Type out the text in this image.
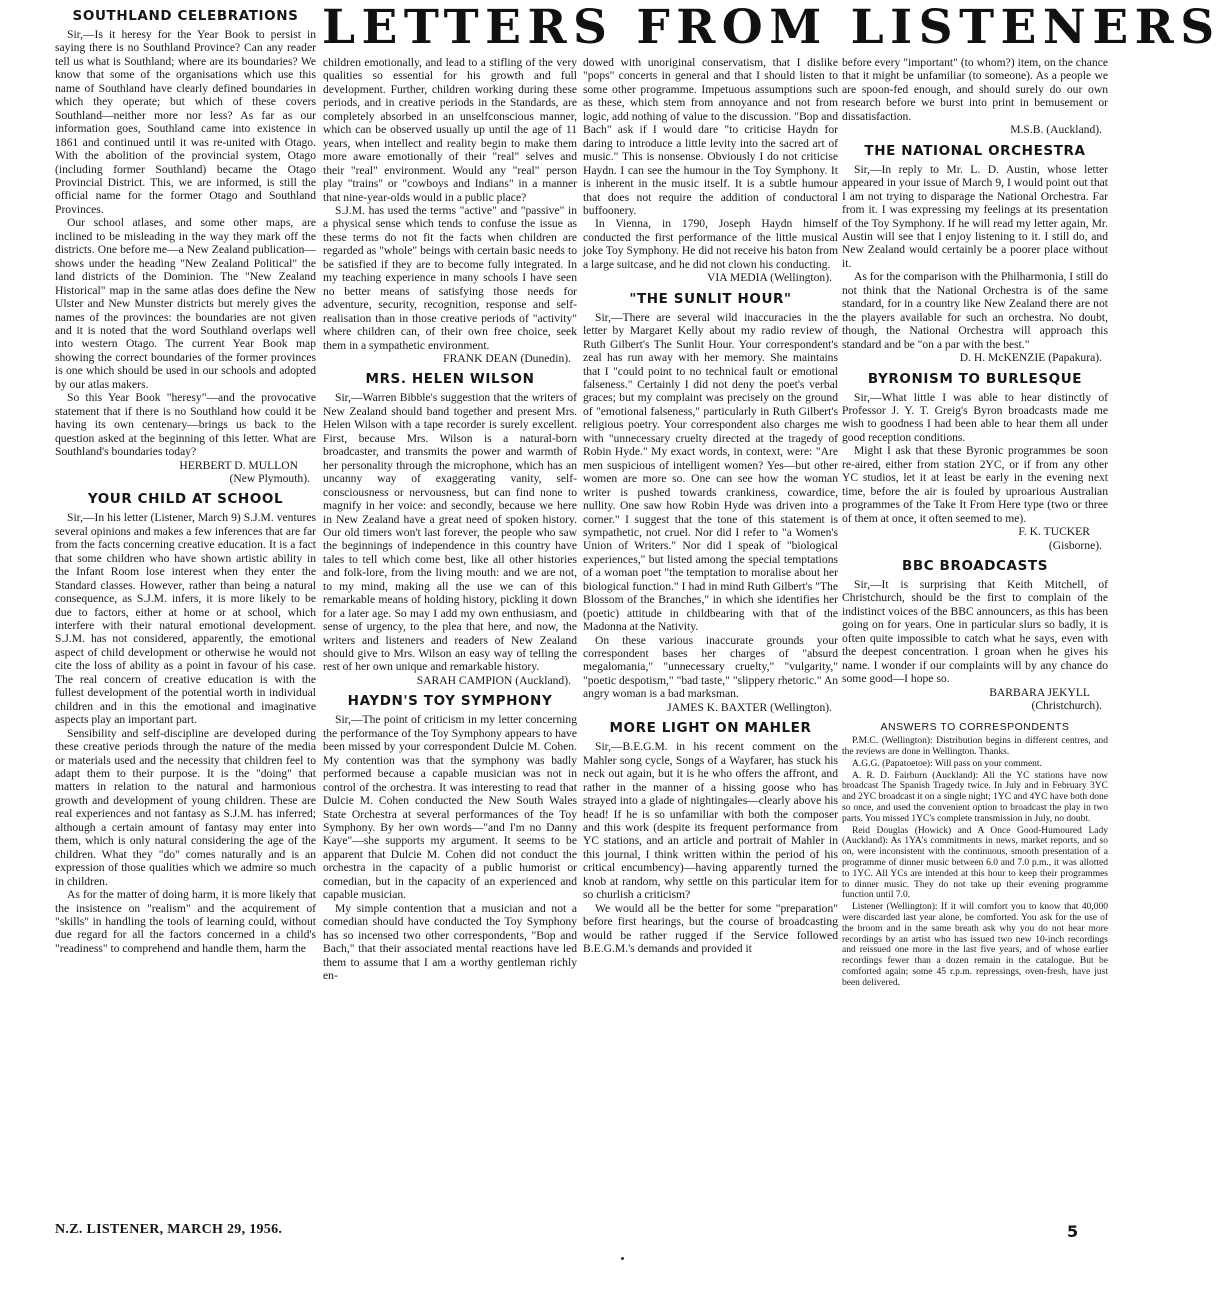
LETTERS FROM LISTENERS
SOUTHLAND CELEBRATIONS

Sir,—Is it heresy for the Year Book to persist in saying there is no Southland Province? Can any reader tell us what is Southland; where are its boundaries? We know that some of the organisations which use this name of Southland have clearly defined boundaries in which they operate; but which of these covers Southland—neither more nor less? As far as our information goes, Southland came into existence in 1861 and continued until it was re-united with Otago. With the abolition of the provincial system, Otago (including former Southland) became the Otago Provincial District. This, we are informed, is still the official name for the former Otago and Southland Provinces.

Our school atlases, and some other maps, are inclined to be misleading in the way they mark off the districts. One before me—a New Zealand publication—shows under the heading "New Zealand Political" the land districts of the Dominion. The "New Zealand Historical" map in the same atlas does define the New Ulster and New Munster districts but merely gives the names of the provinces: the boundaries are not given and it is noted that the word Southland overlaps well into western Otago. The current Year Book map showing the correct boundaries of the former provinces is one which should be used in our schools and adopted by our atlas makers.

So this Year Book "heresy"—and the provocative statement that if there is no Southland how could it be having its own centenary—brings us back to the question asked at the beginning of this letter. What are Southland's boundaries today?

HERBERT D. MULLON

(New Plymouth).

YOUR CHILD AT SCHOOL

Sir,—In his letter (Listener, March 9) S.J.M. ventures several opinions and makes a few inferences that are far from the facts concerning creative education. It is a fact that some children who have shown artistic ability in the Infant Room lose interest when they enter the Standard classes. However, rather than being a natural consequence, as S.J.M. infers, it is more likely to be due to factors, either at home or at school, which interfere with their natural emotional development. S.J.M. has not considered, apparently, the emotional aspect of child development or otherwise he would not cite the loss of ability as a point in favour of his case. The real concern of creative education is with the fullest development of the potential worth in individual children and in this the emotional and imaginative aspects play an important part.

Sensibility and self-discipline are developed during these creative periods through the nature of the media or materials used and the necessity that children feel to adapt them to their purpose. It is the "doing" that matters in relation to the natural and harmonious growth and development of young children. These are real experiences and not fantasy as S.J.M. has inferred; although a certain amount of fantasy may enter into them, which is only natural considering the age of the children. What they "do" comes naturally and is an expression of those qualities which we admire so much in children.

As for the matter of doing harm, it is more likely that the insistence on "realism" and the acquirement of "skills" in handling the tools of learning could, without due regard for all the factors concerned in a child's "readiness" to comprehend and handle them, harm the

children emotionally, and lead to a stifling of the very qualities so essential for his growth and full development. Further, children working during these periods, and in creative periods in the Standards, are completely absorbed in an unselfconscious manner, which can be observed usually up until the age of 11 years, when intellect and reality begin to make them more aware emotionally of their "real" selves and their "real" environment. Would any "real" person play "trains" or "cowboys and Indians" in a manner that nine-year-olds would in a public place?

S.J.M. has used the terms "active" and "passive" in a physical sense which tends to confuse the issue as these terms do not fit the facts when children are regarded as "whole" beings with certain basic needs to be satisfied if they are to become fully integrated. In my teaching experience in many schools I have seen no better means of satisfying those needs for adventure, security, recognition, response and self-realisation than in those creative periods of "activity" where children can, of their own free choice, seek them in a sympathetic environment.

FRANK DEAN (Dunedin).

MRS. HELEN WILSON

Sir,—Warren Bibble's suggestion that the writers of New Zealand should band together and present Mrs. Helen Wilson with a tape recorder is surely excellent. First, because Mrs. Wilson is a natural-born broadcaster, and transmits the power and warmth of her personality through the microphone, which has an uncanny way of exaggerating vanity, self-consciousness or nervousness, but can find none to magnify in her voice: and secondly, because we here in New Zealand have a great need of spoken history. Our old timers won't last forever, the people who saw the beginnings of independence in this country have tales to tell which come best, like all other histories and folk-lore, from the living mouth: and we are not, to my mind, making all the use we can of this remarkable means of holding history, pickling it down for a later age. So may I add my own enthusiasm, and sense of urgency, to the plea that here, and now, the writers and listeners and readers of New Zealand should give to Mrs. Wilson an easy way of telling the rest of her own unique and remarkable history.

SARAH CAMPION (Auckland).

HAYDN'S TOY SYMPHONY

Sir,—The point of criticism in my letter concerning the performance of the Toy Symphony appears to have been missed by your correspondent Dulcie M. Cohen. My contention was that the symphony was badly performed because a capable musician was not in control of the orchestra. It was interesting to read that Dulcie M. Cohen conducted the New South Wales State Orchestra at several performances of the Toy Symphony. By her own words—"and I'm no Danny Kaye"—she supports my argument. It seems to be apparent that Dulcie M. Cohen did not conduct the orchestra in the capacity of a public humorist or comedian, but in the capacity of an experienced and capable musician.

My simple contention that a musician and not a comedian should have conducted the Toy Symphony has so incensed two other correspondents, "Bop and Bach," that their associated mental reactions have led them to assume that I am a worthy gentleman richly en-

dowed with unoriginal conservatism, that I dislike "pops" concerts in general and that I should listen to some other programme. Impetuous assumptions such as these, which stem from annoyance and not from logic, add nothing of value to the discussion. "Bop and Bach" ask if I would dare "to criticise Haydn for daring to introduce a little levity into the sacred art of music." This is nonsense. Obviously I do not criticise Haydn. I can see the humour in the Toy Symphony. It is inherent in the music itself. It is a subtle humour that does not require the addition of conductoral buffoonery.

In Vienna, in 1790, Joseph Haydn himself conducted the first performance of the little musical joke Toy Symphony. He did not receive his baton from a large suitcase, and he did not clown his conducting.

VIA MEDIA (Wellington).

"THE SUNLIT HOUR"

Sir,—There are several wild inaccuracies in the letter by Margaret Kelly about my radio review of Ruth Gilbert's The Sunlit Hour. Your correspondent's zeal has run away with her memory. She maintains that I "could point to no technical fault or emotional falseness." Certainly I did not deny the poet's verbal graces; but my complaint was precisely on the ground of "emotional falseness," particularly in Ruth Gilbert's religious poetry. Your correspondent also charges me with "unnecessary cruelty directed at the tragedy of Robin Hyde." My exact words, in context, were: "Are men suspicious of intelligent women? Yes—but other women are more so. One can see how the woman writer is pushed towards crankiness, cowardice, nullity. One saw how Robin Hyde was driven into a corner." I suggest that the tone of this statement is sympathetic, not cruel. Nor did I refer to "a Women's Union of Writers." Nor did I speak of "biological experiences," but listed among the special temptations of a woman poet "the temptation to moralise about her biological function." I had in mind Ruth Gilbert's "The Blossom of the Branches," in which she identifies her (poetic) attitude in childbearing with that of the Madonna at the Nativity.

On these various inaccurate grounds your correspondent bases her charges of "absurd megalomania," "unnecessary cruelty," "vulgarity," "poetic despotism," "bad taste," "slippery rhetoric." An angry woman is a bad marksman.

JAMES K. BAXTER (Wellington).

MORE LIGHT ON MAHLER

Sir,—B.E.G.M. in his recent comment on the Mahler song cycle, Songs of a Wayfarer, has stuck his neck out again, but it is he who offers the affront, and rather in the manner of a hissing goose who has strayed into a glade of nightingales—clearly above his head! If he is so unfamiliar with both the composer and this work (despite its frequent performance from YC stations, and an article and portrait of Mahler in this journal, I think written within the period of his critical encumbency)—having apparently turned the knob at random, why settle on this particular item for so churlish a criticism?

We would all be the better for some "preparation" before first hearings, but the course of broadcasting would be rather rugged if the Service followed B.E.G.M.'s demands and provided it

before every "important" (to whom?) item, on the chance that it might be unfamiliar (to someone). As a people we are spoon-fed enough, and should surely do our own research before we burst into print in bemusement or dissatisfaction.

M.S.B. (Auckland).

THE NATIONAL ORCHESTRA

Sir,—In reply to Mr. L. D. Austin, whose letter appeared in your issue of March 9, I would point out that I am not trying to disparage the National Orchestra. Far from it. I was expressing my feelings at its presentation of the Toy Symphony. If he will read my letter again, Mr. Austin will see that I enjoy listening to it. I still do, and New Zealand would certainly be a poorer place without it.

As for the comparison with the Philharmonia, I still do not think that the National Orchestra is of the same standard, for in a country like New Zealand there are not the players available for such an orchestra. No doubt, though, the National Orchestra will approach this standard and be "on a par with the best."

D. H. McKENZIE (Papakura).

BYRONISM TO BURLESQUE

Sir,—What little I was able to hear distinctly of Professor J. Y. T. Greig's Byron broadcasts made me wish to goodness I had been able to hear them all under good reception conditions.

Might I ask that these Byronic programmes be soon re-aired, either from station 2YC, or if from any other YC studios, let it at least be early in the evening next time, before the air is fouled by uproarious Australian programmes of the Take It From Here type (two or three of them at once, it often seemed to me).

F. K. TUCKER

(Gisborne).

BBC BROADCASTS

Sir,—It is surprising that Keith Mitchell, of Christchurch, should be the first to complain of the indistinct voices of the BBC announcers, as this has been going on for years. One in particular slurs so badly, it is often quite impossible to catch what he says, even with the deepest concentration. I groan when he gives his name. I wonder if our complaints will by any chance do some good—I hope so.

BARBARA JEKYLL

(Christchurch).

ANSWERS TO CORRESPONDENTS

P.M.C. (Wellington): Distribution begins in different centres, and the reviews are done in Wellington. Thanks.

A.G.G. (Papatoetoe): Will pass on your comment.

A. R. D. Fairburn (Auckland): All the YC stations have now broadcast The Spanish Tragedy twice. In July and in February 3YC and 2YC broadcast it on a single night; 1YC and 4YC have both done so once, and used the convenient option to broadcast the play in two parts. You missed 1YC's complete transmission in July, no doubt.

Reid Douglas (Howick) and A Once Good-Humoured Lady (Auckland): As 1YA's commitments in news, market reports, and so on, were inconsistent with the continuous, smooth presentation of a programme of dinner music between 6.0 and 7.0 p.m., it was allotted to 1YC. All YCs are intended at this hour to keep their programmes to dinner music. They do not take up their evening programme function until 7.0.

Listener (Wellington): If it will comfort you to know that 40,000 were discarded last year alone, be comforted. You ask for the use of the broom and in the same breath ask why you do not hear more recordings by an artist who has issued two new 10-inch recordings and reissued one more in the last five years, and of whose earlier recordings fewer than a dozen remain in the catalogue. But be comforted again; some 45 r.p.m. repressings, oven-fresh, have just been delivered.

N.Z. LISTENER, MARCH 29, 1956.	5
